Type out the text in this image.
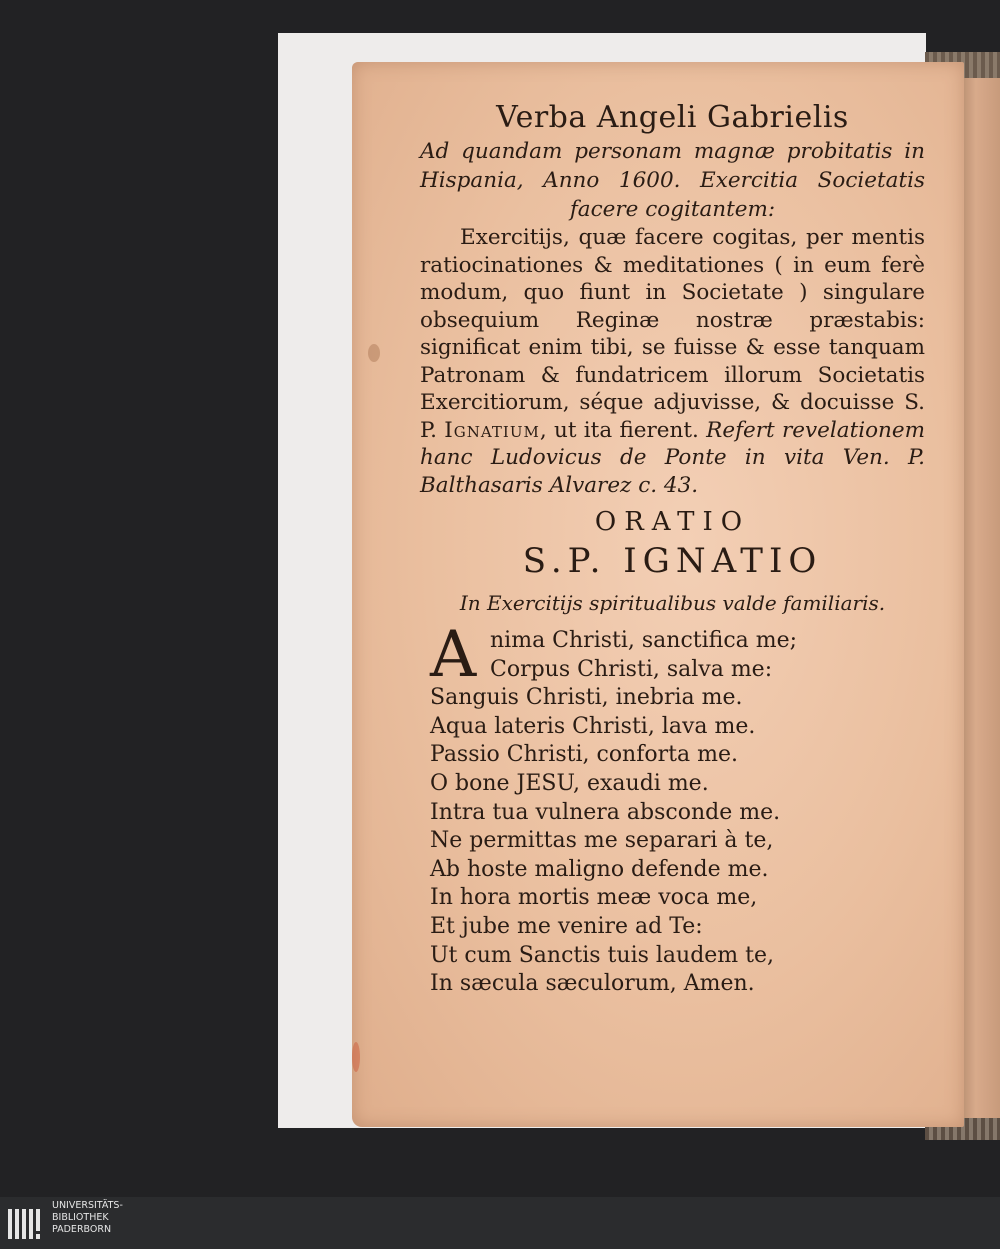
Verba Angeli Gabrielis
Ad quandam personam magnæ probitatis in Hispania, Anno 1600. Exercitia Societatis facere cogitantem:
Exercitijs, quæ facere cogitas, per mentis ratiocinationes & meditationes ( in eum ferè modum, quo fiunt in Societate ) singulare obsequium Reginæ nostræ præstabis: significat enim tibi, se fuisse & esse tanquam Patronam & fundatricem illorum Societatis Exercitiorum, séque adjuvisse, & docuisse S. P. Ignatium, ut ita fierent. Refert revelationem hanc Ludovicus de Ponte in vita Ven. P. Balthasaris Alvarez c. 43.
ORATIO
S.P. IGNATIO
In Exercitijs spiritualibus valde familiaris.
A nima Christi, sanctifica me;
Corpus Christi, salva me:
Sanguis Christi, inebria me.
Aqua lateris Christi, lava me.
Passio Christi, conforta me.
O bone JESU, exaudi me.
Intra tua vulnera absconde me.
Ne permittas me separari à te,
Ab hoste maligno defende me.
In hora mortis meæ voca me,
Et jube me venire ad Te:
Ut cum Sanctis tuis laudem te,
In sæcula sæculorum, Amen.
UNIVERSITÄTS-
BIBLIOTHEK
PADERBORN
